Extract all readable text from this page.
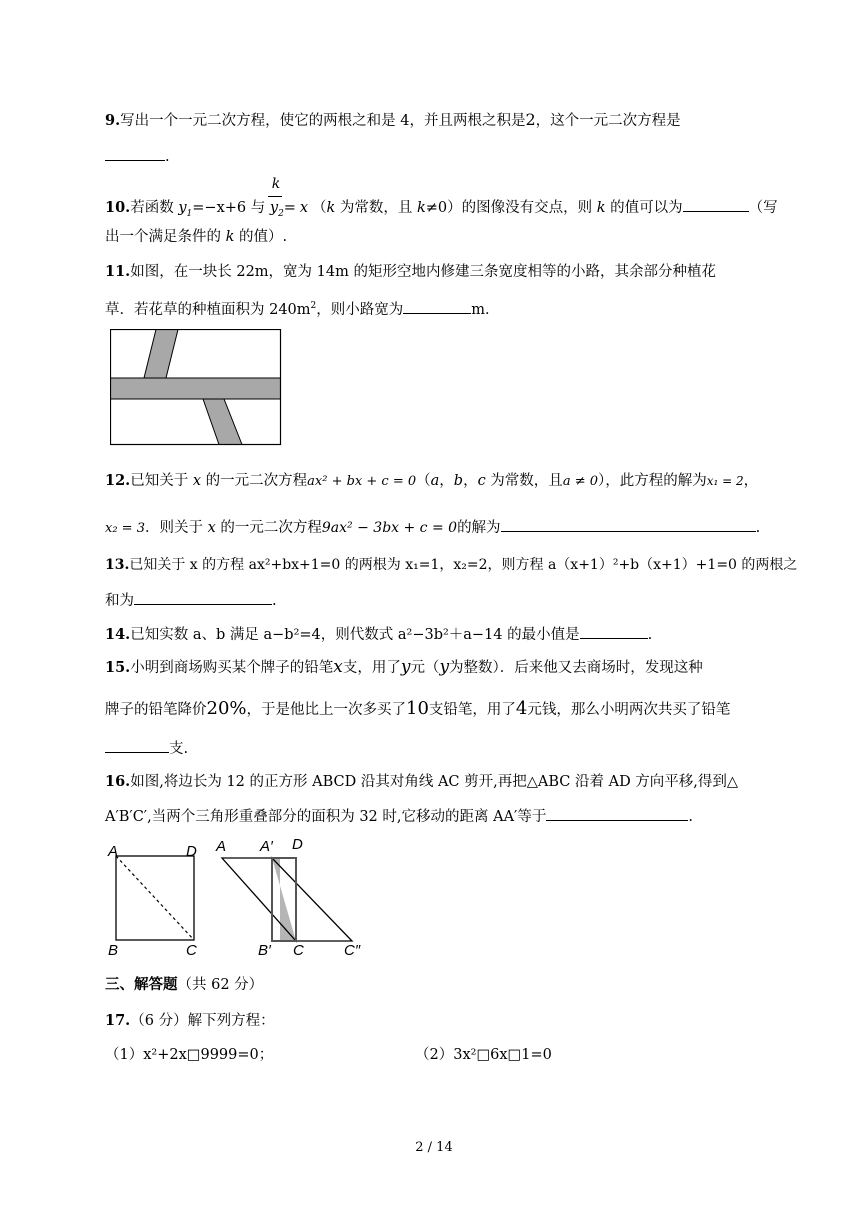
9.写出一个一元二次方程，使它的两根之和是 4，并且两根之积是2，这个一元二次方程是
.
k
10.若函数 $y_1=-x+6$ 与 $y_2= x$ （k 为常数，且 k≠0）的图像没有交点，则 k 的值可以为	（写
出一个满足条件的 k 的值）.
11.如图，在一块长 22m，宽为 14m 的矩形空地内修建三条宽度相等的小路，其余部分种植花
草．若花草的种植面积为 $240m^2$，则小路宽为	m．
12.已知关于 x 的一元二次方程ax² + bx + c = 0（a，b，c 为常数，且a ≠ 0），此方程的解为x₁ = 2，
x₂ = 3．则关于 x 的一元二次方程9ax² − 3bx + c = 0的解为	.
13.已知关于 x 的方程 ax²+bx+1=0 的两根为 x₁=1，x₂=2，则方程 a（x+1）²+b（x+1）+1=0 的两根之
和为	.
14.已知实数 a、b 满足 a−b²=4，则代数式 a²−3b²＋a−14 的最小值是	.
15.小明到商场购买某个牌子的铅笔x支，用了y元（y为整数）．后来他又去商场时，发现这种
牌子的铅笔降价20%，于是他比上一次多买了10支铅笔，用了4元钱，那么小明两次共买了铅笔
支.
16.如图,将边长为 12 的正方形 ABCD 沿其对角线 AC 剪开,再把△ABC 沿着 AD 方向平移,得到△
A′B′C′,当两个三角形重叠部分的面积为 32 时,它移动的距离 AA′等于	.
A	D
B	C
A A′ D
B′ C	C″
三、解答题（共 62 分）
17.（6 分）解下列方程：
（1）x²+2x□9999=0；	（2）3x²□6x□1=0
2 / 14
